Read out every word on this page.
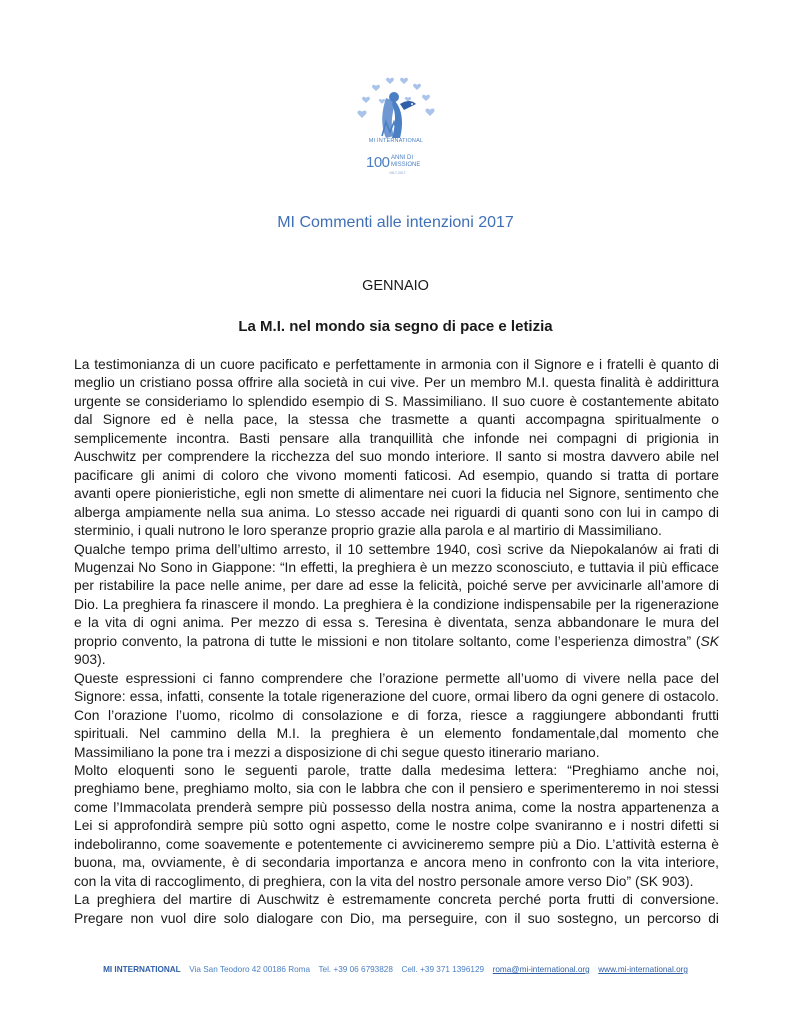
MI INTERNATIONAL
100 ANNI DI
MISSIONE
1917-2017
MI Commenti alle intenzioni 2017
GENNAIO
La M.I. nel mondo sia segno di pace e letizia
La testimonianza di un cuore pacificato e perfettamente in armonia con il Signore e i fratelli è quanto di
meglio un cristiano possa offrire alla società in cui vive. Per un membro M.I. questa finalità è addirittura
urgente se consideriamo lo splendido esempio di S. Massimiliano. Il suo cuore è costantemente abitato
dal Signore ed è nella pace, la stessa che trasmette a quanti accompagna spiritualmente o
semplicemente incontra. Basti pensare alla tranquillità che infonde nei compagni di prigionia in
Auschwitz per comprendere la ricchezza del suo mondo interiore. Il santo si mostra davvero abile nel
pacificare gli animi di coloro che vivono momenti faticosi. Ad esempio, quando si tratta di portare
avanti opere pionieristiche, egli non smette di alimentare nei cuori la fiducia nel Signore, sentimento che
alberga ampiamente nella sua anima. Lo stesso accade nei riguardi di quanti sono con lui in campo di
sterminio, i quali nutrono le loro speranze proprio grazie alla parola e al martirio di Massimiliano.
Qualche tempo prima dell’ultimo arresto, il 10 settembre 1940, così scrive da Niepokalanów ai frati di
Mugenzai No Sono in Giappone: “In effetti, la preghiera è un mezzo sconosciuto, e tuttavia il più efficace
per ristabilire la pace nelle anime, per dare ad esse la felicità, poiché serve per avvicinarle all’amore di
Dio. La preghiera fa rinascere il mondo. La preghiera è la condizione indispensabile per la rigenerazione
e la vita di ogni anima. Per mezzo di essa s. Teresina è diventata, senza abbandonare le mura del
proprio convento, la patrona di tutte le missioni e non titolare soltanto, come l’esperienza dimostra” (SK
903).
Queste espressioni ci fanno comprendere che l’orazione permette all’uomo di vivere nella pace del
Signore: essa, infatti, consente la totale rigenerazione del cuore, ormai libero da ogni genere di ostacolo.
Con l’orazione l’uomo, ricolmo di consolazione e di forza, riesce a raggiungere abbondanti frutti
spirituali. Nel cammino della M.I. la preghiera è un elemento fondamentale,dal momento che
Massimiliano la pone tra i mezzi a disposizione di chi segue questo itinerario mariano.
Molto eloquenti sono le seguenti parole, tratte dalla medesima lettera: “Preghiamo anche noi,
preghiamo bene, preghiamo molto, sia con le labbra che con il pensiero e sperimenteremo in noi stessi
come l’Immacolata prenderà sempre più possesso della nostra anima, come la nostra appartenenza a
Lei si approfondirà sempre più sotto ogni aspetto, come le nostre colpe svaniranno e i nostri difetti si
indeboliranno, come soavemente e potentemente ci avvicineremo sempre più a Dio. L’attività esterna è
buona, ma, ovviamente, è di secondaria importanza e ancora meno in confronto con la vita interiore,
con la vita di raccoglimento, di preghiera, con la vita del nostro personale amore verso Dio” (SK 903).
La preghiera del martire di Auschwitz è estremamente concreta perché porta frutti di conversione.
Pregare non vuol dire solo dialogare con Dio, ma perseguire, con il suo sostegno, un percorso di
MI INTERNATIONAL Via San Teodoro 42 00186 Roma Tel. +39 06 6793828 Cell. +39 371 1396129 roma@mi-international.org www.mi-international.org
